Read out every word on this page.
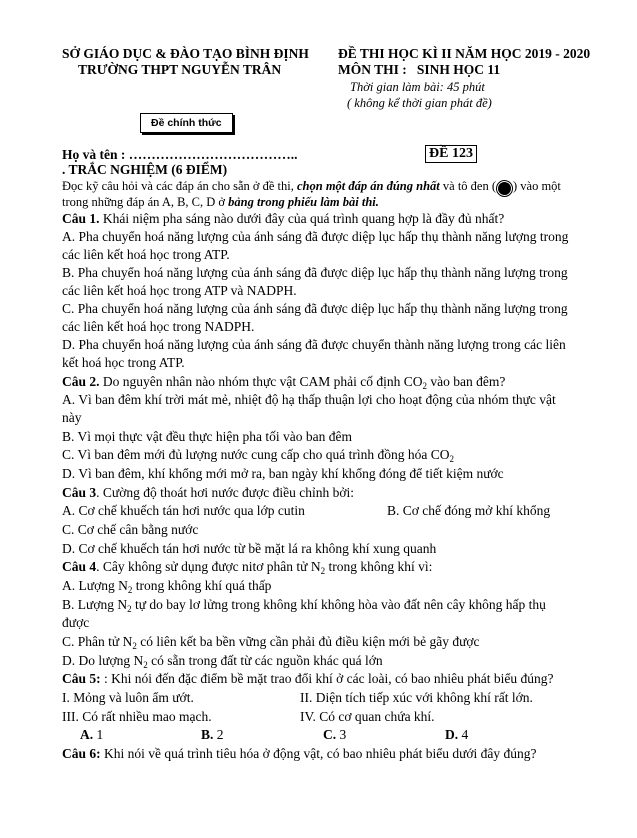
SỞ GIÁO DỤC & ĐÀO TẠO BÌNH ĐỊNH
TRƯỜNG THPT NGUYỄN TRÂN
ĐỀ THI HỌC KÌ II NĂM HỌC 2019 - 2020
MÔN THI : SINH HỌC 11
Thời gian làm bài: 45 phút
( không kể thời gian phát đề)
Đề chính thức
Họ và tên : ………………………………..	ĐỀ 123
. TRẮC NGHIỆM (6 ĐIỂM)
Đọc kỹ câu hỏi và các đáp án cho sẵn ở đề thi, chọn một đáp án đúng nhất và tô đen ( ) vào một
trong những đáp án A, B, C, D ở bảng trong phiếu làm bài thi.
Câu 1. Khái niệm pha sáng nào dưới đây của quá trình quang hợp là đầy đủ nhất?
A. Pha chuyển hoá năng lượng của ánh sáng đã được diệp lục hấp thụ thành năng lượng trong
các liên kết hoá học trong ATP.
B. Pha chuyển hoá năng lượng của ánh sáng đã được diệp lục hấp thụ thành năng lượng trong
các liên kết hoá học trong ATP và NADPH.
C. Pha chuyển hoá năng lượng của ánh sáng đã được diệp lục hấp thụ thành năng lượng trong
các liên kết hoá học trong NADPH.
D. Pha chuyển hoá năng lượng của ánh sáng đã được chuyển thành năng lượng trong các liên
kết hoá học trong ATP.
Câu 2. Do nguyên nhân nào nhóm thực vật CAM phải cố định $CO_2$ vào ban đêm?
A. Vì ban đêm khí trời mát mẻ, nhiệt độ hạ thấp thuận lợi cho hoạt động của nhóm thực vật
này
B. Vì mọi thực vật đều thực hiện pha tối vào ban đêm
C. Vì ban đêm mới đủ lượng nước cung cấp cho quá trình đồng hóa $CO_2$
D. Vì ban đêm, khí khổng mới mở ra, ban ngày khí khổng đóng để tiết kiệm nước
Câu 3. Cường độ thoát hơi nước được điều chỉnh bởi:
A. Cơ chế khuếch tán hơi nước qua lớp cutin	B. Cơ chế đóng mở khí khổng
C. Cơ chế cân bằng nước
D. Cơ chế khuếch tán hơi nước từ bề mặt lá ra không khí xung quanh
Câu 4. Cây không sử dụng được nitơ phân tử $N_2$ trong không khí vì:
A. Lượng $N_2$ trong không khí quá thấp
B. Lượng $N_2$ tự do bay lơ lửng trong không khí không hòa vào đất nên cây không hấp thụ
được
C. Phân tử $N_2$ có liên kết ba bền vững cần phải đủ điều kiện mới bẻ gãy được
D. Do lượng $N_2$ có sẵn trong đất từ các nguồn khác quá lớn
Câu 5: : Khi nói đến đặc điểm bề mặt trao đổi khí ở các loài, có bao nhiêu phát biểu đúng?
I. Mỏng và luôn ẩm ướt.	II. Diện tích tiếp xúc với không khí rất lớn.
III. Có rất nhiều mao mạch.	IV. Có cơ quan chứa khí.
A. 1	B. 2	C. 3	D. 4
Câu 6: Khi nói về quá trình tiêu hóa ở động vật, có bao nhiêu phát biểu dưới đây đúng?
